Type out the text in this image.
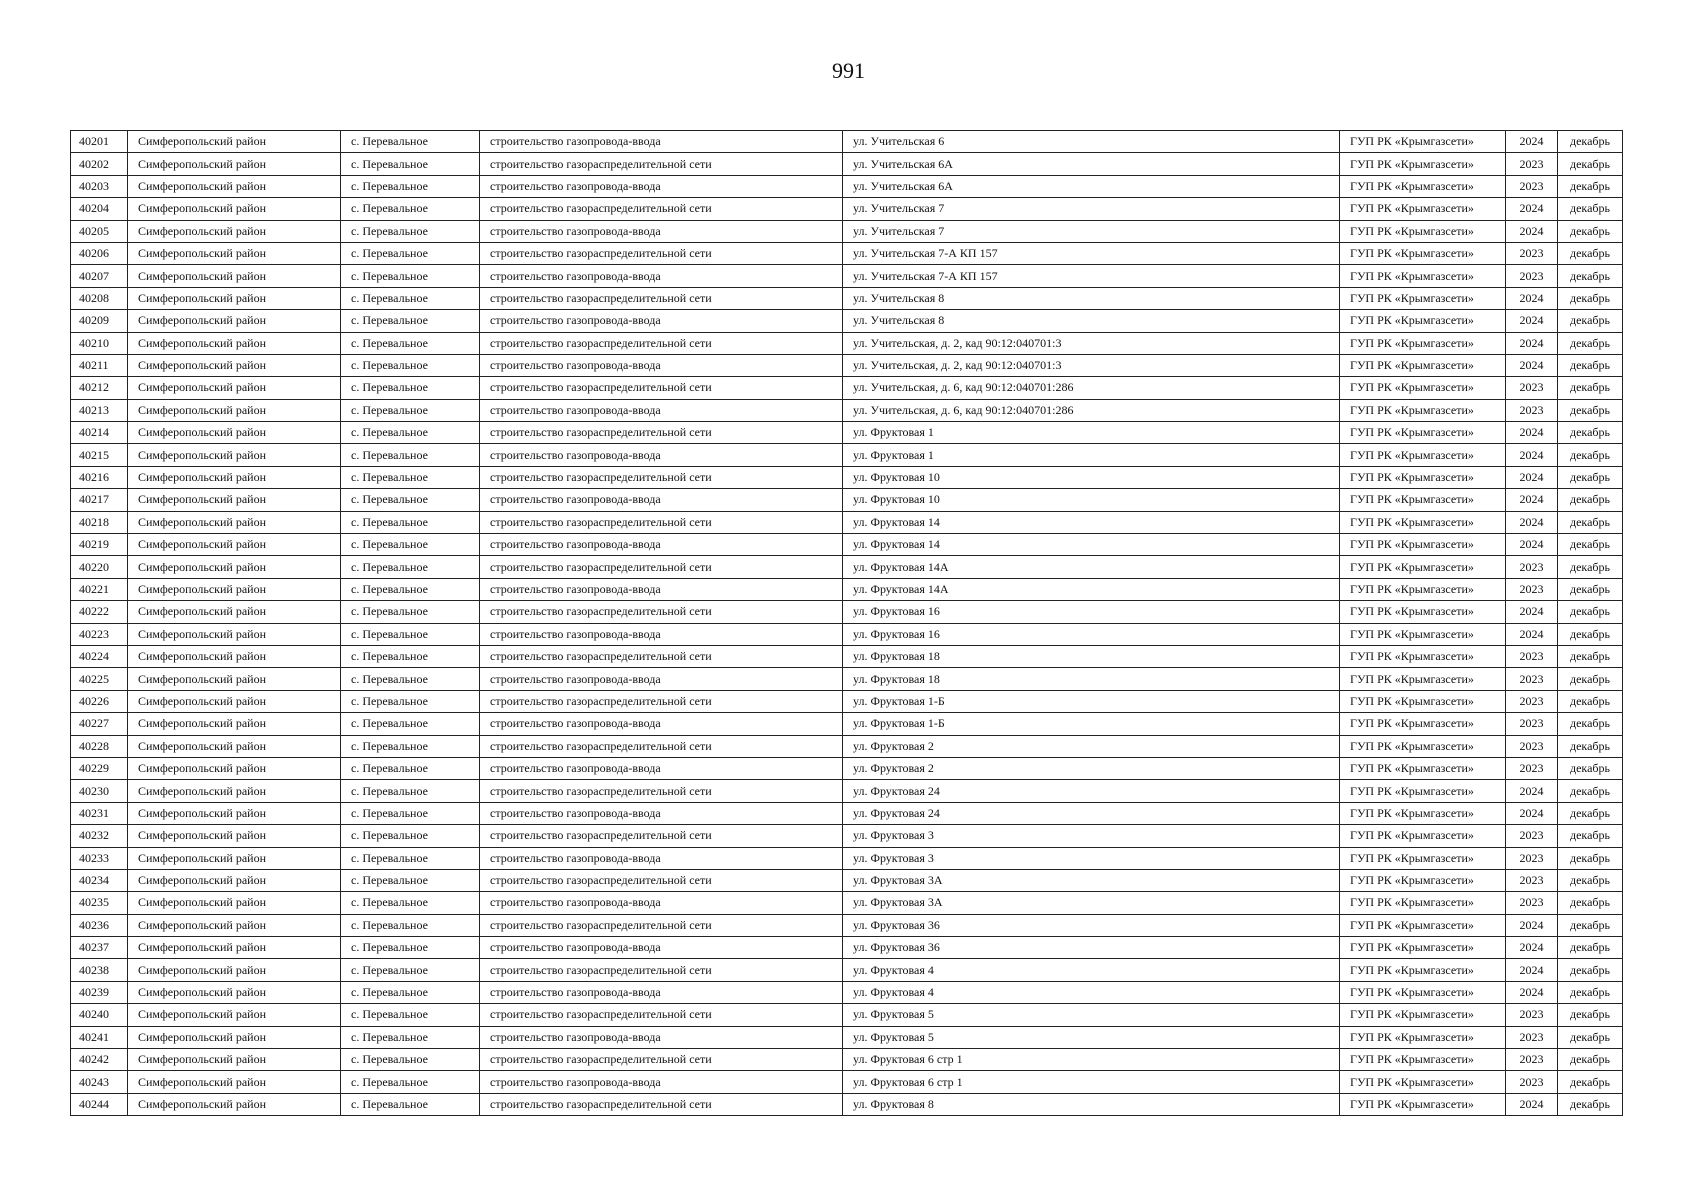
991
40201	Симферопольский район	с. Перевальное	строительство газопровода-ввода	ул. Учительская 6	ГУП РК «Крымгазсети»	2024	декабрь
40202	Симферопольский район	с. Перевальное	строительство газораспределительной сети	ул. Учительская 6А	ГУП РК «Крымгазсети»	2023	декабрь
40203	Симферопольский район	с. Перевальное	строительство газопровода-ввода	ул. Учительская 6А	ГУП РК «Крымгазсети»	2023	декабрь
40204	Симферопольский район	с. Перевальное	строительство газораспределительной сети	ул. Учительская 7	ГУП РК «Крымгазсети»	2024	декабрь
40205	Симферопольский район	с. Перевальное	строительство газопровода-ввода	ул. Учительская 7	ГУП РК «Крымгазсети»	2024	декабрь
40206	Симферопольский район	с. Перевальное	строительство газораспределительной сети	ул. Учительская 7-А КП 157	ГУП РК «Крымгазсети»	2023	декабрь
40207	Симферопольский район	с. Перевальное	строительство газопровода-ввода	ул. Учительская 7-А КП 157	ГУП РК «Крымгазсети»	2023	декабрь
40208	Симферопольский район	с. Перевальное	строительство газораспределительной сети	ул. Учительская 8	ГУП РК «Крымгазсети»	2024	декабрь
40209	Симферопольский район	с. Перевальное	строительство газопровода-ввода	ул. Учительская 8	ГУП РК «Крымгазсети»	2024	декабрь
40210	Симферопольский район	с. Перевальное	строительство газораспределительной сети	ул. Учительская, д. 2, кад 90:12:040701:3	ГУП РК «Крымгазсети»	2024	декабрь
40211	Симферопольский район	с. Перевальное	строительство газопровода-ввода	ул. Учительская, д. 2, кад 90:12:040701:3	ГУП РК «Крымгазсети»	2024	декабрь
40212	Симферопольский район	с. Перевальное	строительство газораспределительной сети	ул. Учительская, д. 6, кад 90:12:040701:286	ГУП РК «Крымгазсети»	2023	декабрь
40213	Симферопольский район	с. Перевальное	строительство газопровода-ввода	ул. Учительская, д. 6, кад 90:12:040701:286	ГУП РК «Крымгазсети»	2023	декабрь
40214	Симферопольский район	с. Перевальное	строительство газораспределительной сети	ул. Фруктовая 1	ГУП РК «Крымгазсети»	2024	декабрь
40215	Симферопольский район	с. Перевальное	строительство газопровода-ввода	ул. Фруктовая 1	ГУП РК «Крымгазсети»	2024	декабрь
40216	Симферопольский район	с. Перевальное	строительство газораспределительной сети	ул. Фруктовая 10	ГУП РК «Крымгазсети»	2024	декабрь
40217	Симферопольский район	с. Перевальное	строительство газопровода-ввода	ул. Фруктовая 10	ГУП РК «Крымгазсети»	2024	декабрь
40218	Симферопольский район	с. Перевальное	строительство газораспределительной сети	ул. Фруктовая 14	ГУП РК «Крымгазсети»	2024	декабрь
40219	Симферопольский район	с. Перевальное	строительство газопровода-ввода	ул. Фруктовая 14	ГУП РК «Крымгазсети»	2024	декабрь
40220	Симферопольский район	с. Перевальное	строительство газораспределительной сети	ул. Фруктовая 14А	ГУП РК «Крымгазсети»	2023	декабрь
40221	Симферопольский район	с. Перевальное	строительство газопровода-ввода	ул. Фруктовая 14А	ГУП РК «Крымгазсети»	2023	декабрь
40222	Симферопольский район	с. Перевальное	строительство газораспределительной сети	ул. Фруктовая 16	ГУП РК «Крымгазсети»	2024	декабрь
40223	Симферопольский район	с. Перевальное	строительство газопровода-ввода	ул. Фруктовая 16	ГУП РК «Крымгазсети»	2024	декабрь
40224	Симферопольский район	с. Перевальное	строительство газораспределительной сети	ул. Фруктовая 18	ГУП РК «Крымгазсети»	2023	декабрь
40225	Симферопольский район	с. Перевальное	строительство газопровода-ввода	ул. Фруктовая 18	ГУП РК «Крымгазсети»	2023	декабрь
40226	Симферопольский район	с. Перевальное	строительство газораспределительной сети	ул. Фруктовая 1-Б	ГУП РК «Крымгазсети»	2023	декабрь
40227	Симферопольский район	с. Перевальное	строительство газопровода-ввода	ул. Фруктовая 1-Б	ГУП РК «Крымгазсети»	2023	декабрь
40228	Симферопольский район	с. Перевальное	строительство газораспределительной сети	ул. Фруктовая 2	ГУП РК «Крымгазсети»	2023	декабрь
40229	Симферопольский район	с. Перевальное	строительство газопровода-ввода	ул. Фруктовая 2	ГУП РК «Крымгазсети»	2023	декабрь
40230	Симферопольский район	с. Перевальное	строительство газораспределительной сети	ул. Фруктовая 24	ГУП РК «Крымгазсети»	2024	декабрь
40231	Симферопольский район	с. Перевальное	строительство газопровода-ввода	ул. Фруктовая 24	ГУП РК «Крымгазсети»	2024	декабрь
40232	Симферопольский район	с. Перевальное	строительство газораспределительной сети	ул. Фруктовая 3	ГУП РК «Крымгазсети»	2023	декабрь
40233	Симферопольский район	с. Перевальное	строительство газопровода-ввода	ул. Фруктовая 3	ГУП РК «Крымгазсети»	2023	декабрь
40234	Симферопольский район	с. Перевальное	строительство газораспределительной сети	ул. Фруктовая 3А	ГУП РК «Крымгазсети»	2023	декабрь
40235	Симферопольский район	с. Перевальное	строительство газопровода-ввода	ул. Фруктовая 3А	ГУП РК «Крымгазсети»	2023	декабрь
40236	Симферопольский район	с. Перевальное	строительство газораспределительной сети	ул. Фруктовая 36	ГУП РК «Крымгазсети»	2024	декабрь
40237	Симферопольский район	с. Перевальное	строительство газопровода-ввода	ул. Фруктовая 36	ГУП РК «Крымгазсети»	2024	декабрь
40238	Симферопольский район	с. Перевальное	строительство газораспределительной сети	ул. Фруктовая 4	ГУП РК «Крымгазсети»	2024	декабрь
40239	Симферопольский район	с. Перевальное	строительство газопровода-ввода	ул. Фруктовая 4	ГУП РК «Крымгазсети»	2024	декабрь
40240	Симферопольский район	с. Перевальное	строительство газораспределительной сети	ул. Фруктовая 5	ГУП РК «Крымгазсети»	2023	декабрь
40241	Симферопольский район	с. Перевальное	строительство газопровода-ввода	ул. Фруктовая 5	ГУП РК «Крымгазсети»	2023	декабрь
40242	Симферопольский район	с. Перевальное	строительство газораспределительной сети	ул. Фруктовая 6 стр 1	ГУП РК «Крымгазсети»	2023	декабрь
40243	Симферопольский район	с. Перевальное	строительство газопровода-ввода	ул. Фруктовая 6 стр 1	ГУП РК «Крымгазсети»	2023	декабрь
40244	Симферопольский район	с. Перевальное	строительство газораспределительной сети	ул. Фруктовая 8	ГУП РК «Крымгазсети»	2024	декабрь
